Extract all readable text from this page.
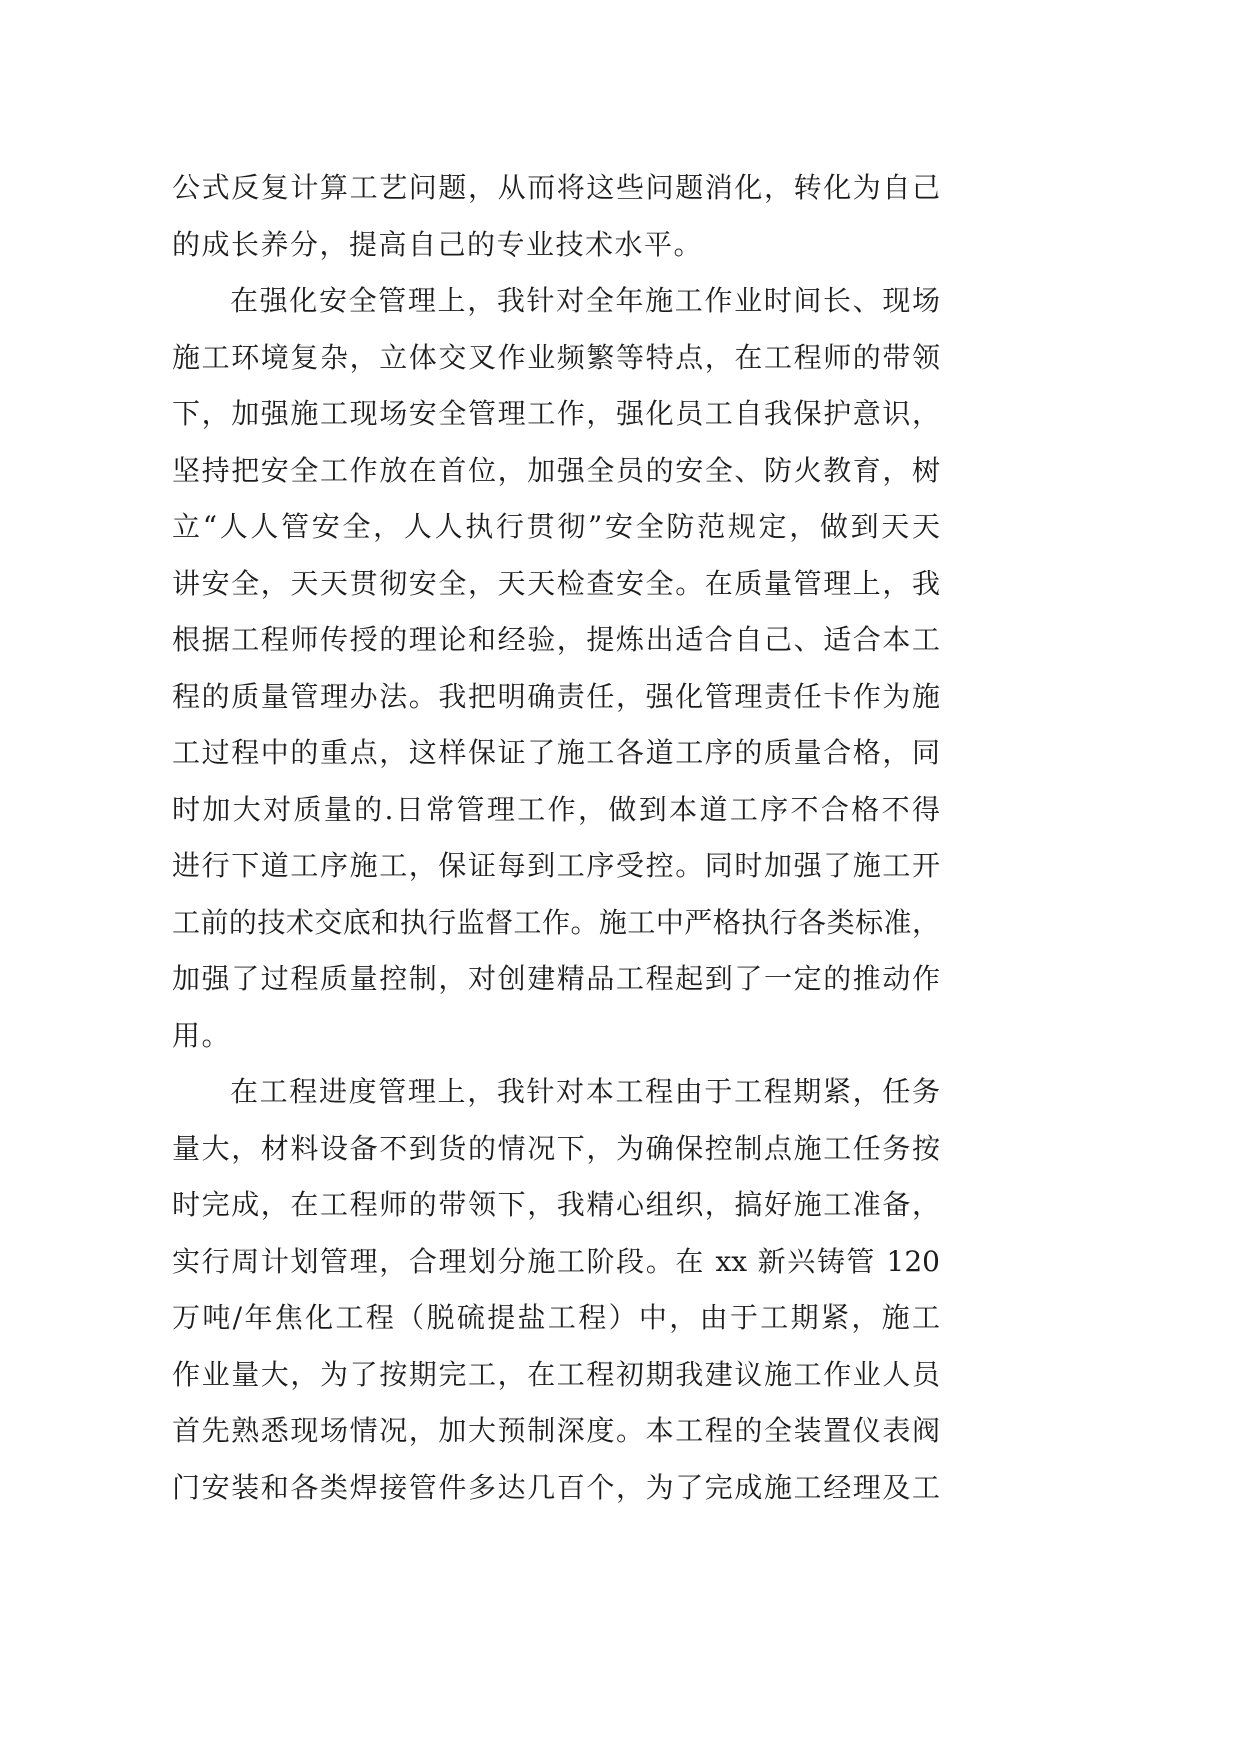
公式反复计算工艺问题，从而将这些问题消化，转化为自己
的成长养分，提高自己的专业技术水平。
在强化安全管理上，我针对全年施工作业时间长、现场
施工环境复杂，立体交叉作业频繁等特点，在工程师的带领
下，加强施工现场安全管理工作，强化员工自我保护意识，
坚持把安全工作放在首位，加强全员的安全、防火教育，树
立“人人管安全，人人执行贯彻”安全防范规定，做到天天
讲安全，天天贯彻安全，天天检查安全。在质量管理上，我
根据工程师传授的理论和经验，提炼出适合自己、适合本工
程的质量管理办法。我把明确责任，强化管理责任卡作为施
工过程中的重点，这样保证了施工各道工序的质量合格，同
时加大对质量的.日常管理工作，做到本道工序不合格不得
进行下道工序施工，保证每到工序受控。同时加强了施工开
工前的技术交底和执行监督工作。施工中严格执行各类标准，
加强了过程质量控制，对创建精品工程起到了一定的推动作
用。
在工程进度管理上，我针对本工程由于工程期紧，任务
量大，材料设备不到货的情况下，为确保控制点施工任务按
时完成，在工程师的带领下，我精心组织，搞好施工准备，
实行周计划管理，合理划分施工阶段。在 xx 新兴铸管 120
万吨/年焦化工程（脱硫提盐工程）中，由于工期紧，施工
作业量大，为了按期完工，在工程初期我建议施工作业人员
首先熟悉现场情况，加大预制深度。本工程的全装置仪表阀
门安装和各类焊接管件多达几百个，为了完成施工经理及工
